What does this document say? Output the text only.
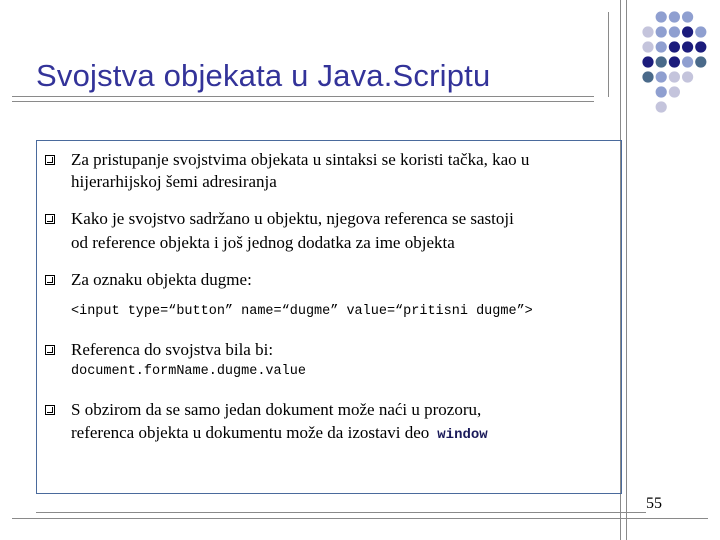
Svojstva objekata u Java.Scriptu
Za pristupanje svojstvima objekata u sintaksi se koristi tačka, kao u
hijerarhijskoj šemi adresiranja
Kako je svojstvo sadržano u objektu, njegova referenca se sastoji
od reference objekta i još jednog dodatka za ime objekta
Za oznaku objekta dugme:
<input type=“button” name=“dugme” value=“pritisni dugme”>
Referenca do svojstva bila bi:
document.formName.dugme.value
S obzirom da se samo jedan dokument može naći u prozoru,
referenca objekta u dokumentu može da izostavi deo window
55
